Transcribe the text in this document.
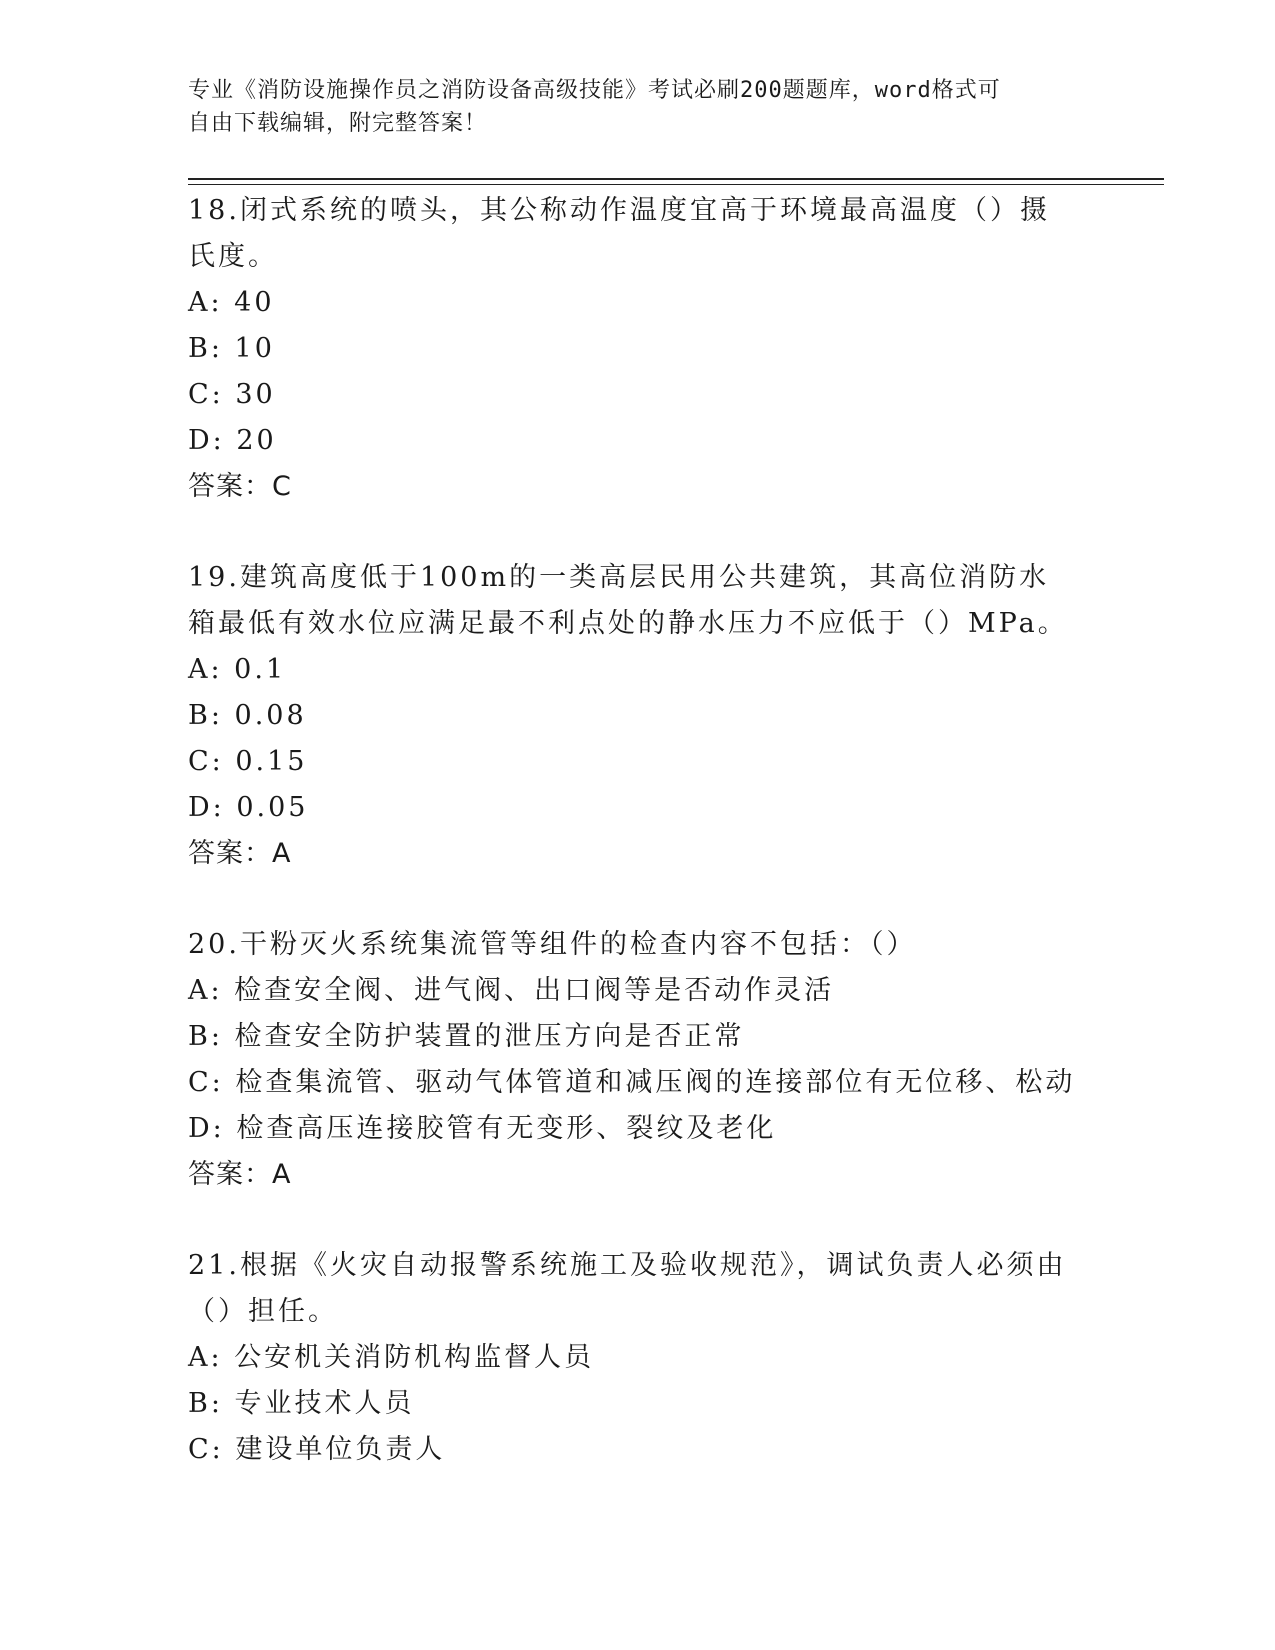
专业《消防设施操作员之消防设备高级技能》考试必刷200题题库，word格式可
自由下载编辑，附完整答案！
18.闭式系统的喷头，其公称动作温度宜高于环境最高温度（）摄氏度。
A: 40
B: 10
C: 30
D: 20
答案：C
19.建筑高度低于100m的一类高层民用公共建筑，其高位消防水箱最低有效水位应满足最不利点处的静水压力不应低于（）MPa。
A: 0.1
B: 0.08
C: 0.15
D: 0.05
答案：A
20.干粉灭火系统集流管等组件的检查内容不包括：（）
A: 检查安全阀、进气阀、出口阀等是否动作灵活
B: 检查安全防护装置的泄压方向是否正常
C: 检查集流管、驱动气体管道和减压阀的连接部位有无位移、松动
D: 检查高压连接胶管有无变形、裂纹及老化
答案：A
21.根据《火灾自动报警系统施工及验收规范》，调试负责人必须由（）担任。
A: 公安机关消防机构监督人员
B: 专业技术人员
C: 建设单位负责人
